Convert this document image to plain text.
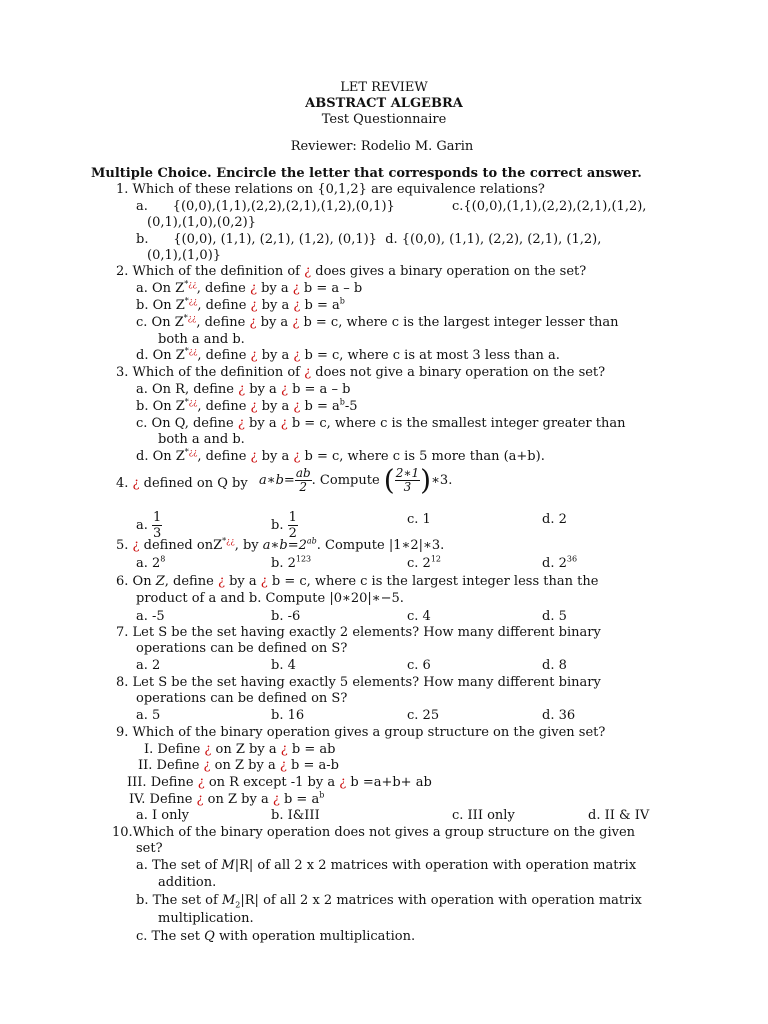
LET REVIEW
ABSTRACT ALGEBRA
Test Questionnaire
Reviewer: Rodelio M. Garin
Multiple Choice. Encircle the letter that corresponds to the correct answer.
1. Which of these relations on {0,1,2} are equivalence relations?
a.      {(0,0),(1,1),(2,2),(2,1),(1,2),(0,1)}	c.{(0,0),(1,1),(2,2),(2,1),(1,2),
(0,1),(1,0),(0,2)}
b.      {(0,0), (1,1), (2,1), (1,2), (0,1)}  d. {(0,0), (1,1), (2,2), (2,1), (1,2),
(0,1),(1,0)}
2. Which of the definition of ¿ does gives a binary operation on the set?
a. On Z*¿¿, define ¿ by a ¿ b = a – b
b. On Z*¿¿, define ¿ by a ¿ $b = a^b$
c. On Z*¿¿, define ¿ by a ¿ b = c, where c is the largest integer lesser than
both a and b.
d. On Z*¿¿, define ¿ by a ¿ b = c, where c is at most 3 less than a.
3. Which of the definition of ¿ does not give a binary operation on the set?
a. On R, define ¿ by a ¿ b = a – b
b. On Z*¿¿, define ¿ by a ¿ $b = a^b-5$
c. On Q, define ¿ by a ¿ b = c, where c is the smallest integer greater than
both a and b.
d. On Z*¿¿, define ¿ by a ¿ b = c, where c is 5 more than (a+b).
4. ¿ defined on Q by a∗b= $\frac{ab}{2}$ . Compute ( $\frac{2∗1}{3}$ )∗3.
a. $\frac{1}{3}$	b. $\frac{1}{2}$	c. 1	d. 2
5. ¿ defined onZ*¿¿, by $a∗b=2^{ab}$. Compute |1∗2|∗3.
a. $2^8$	b. $2^{123}$	c. $2^{12}$	d. $2^{36}$
6. On Z, define ¿ by a ¿ b = c, where c is the largest integer less than the
product of a and b. Compute |0∗20|∗−5.
a. -5	b. -6	c. 4	d. 5
7. Let S be the set having exactly 2 elements? How many different binary
operations can be defined on S?
a. 2	b. 4	c. 6	d. 8
8. Let S be the set having exactly 5 elements? How many different binary
operations can be defined on S?
a. 5	b. 16	c. 25	d. 36
9. Which of the binary operation gives a group structure on the given set?
I. Define ¿ on Z by a ¿ b = ab
II. Define ¿ on Z by a ¿ b = a-b
III. Define ¿ on R except -1 by a ¿ b =a+b+ ab
IV. Define ¿ on Z by a ¿ $b = a^b$
a. I only	b. I&III	c. III only	d. II & IV
10.Which of the binary operation does not gives a group structure on the given
set?
a. The set of M|R| of all 2 x 2 matrices with operation with operation matrix
addition.
b. The set of $M_2|R|$ of all 2 x 2 matrices with operation with operation matrix
multiplication.
c. The set Q with operation multiplication.
